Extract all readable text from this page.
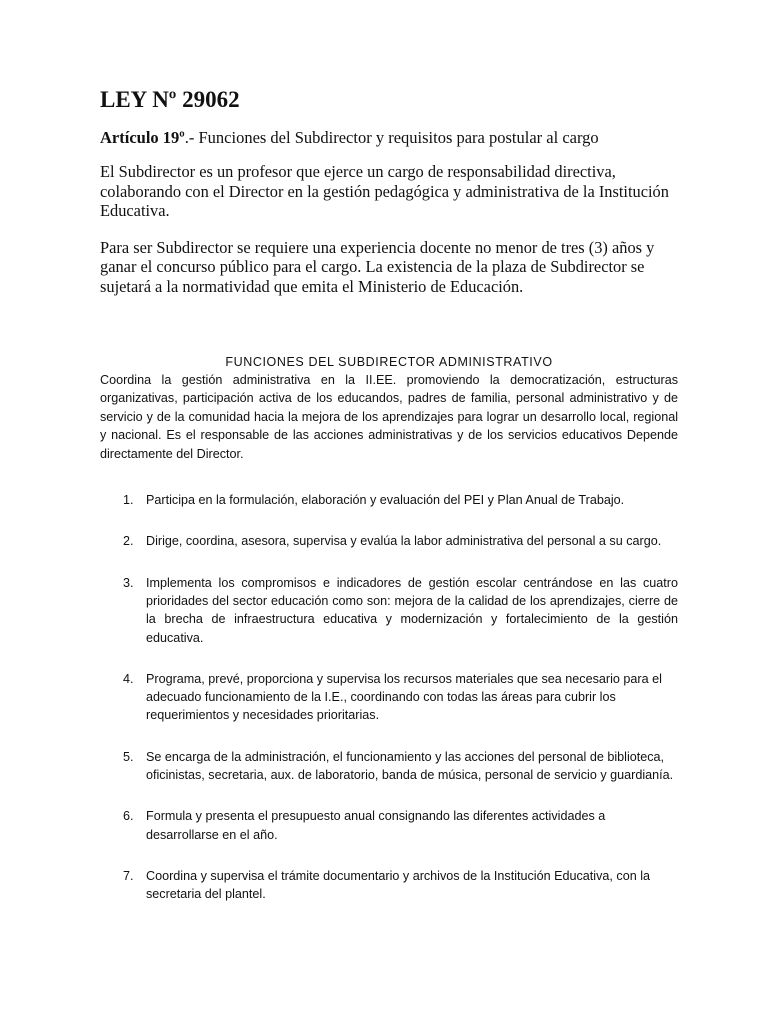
LEY Nº 29062

Artículo 19º.- Funciones del Subdirector y requisitos para postular al cargo

El Subdirector es un profesor que ejerce un cargo de responsabilidad directiva, colaborando con el Director en la gestión pedagógica y administrativa de la Institución Educativa.

Para ser Subdirector se requiere una experiencia docente no menor de tres (3) años y ganar el concurso público para el cargo. La existencia de la plaza de Subdirector se sujetará a la normatividad que emita el Ministerio de Educación.

FUNCIONES DEL SUBDIRECTOR ADMINISTRATIVO

Coordina la gestión administrativa en la II.EE. promoviendo la democratización, estructuras organizativas, participación activa de los educandos, padres de familia, personal administrativo y de servicio y de la comunidad hacia la mejora de los aprendizajes para lograr un desarrollo local, regional y nacional. Es el responsable de las acciones administrativas y de los servicios educativos Depende directamente del Director.

1. Participa en la formulación, elaboración y evaluación del PEI y Plan Anual de Trabajo.
2. Dirige, coordina, asesora, supervisa y evalúa la labor administrativa del personal a su cargo.
3. Implementa los compromisos e indicadores de gestión escolar centrándose en las cuatro prioridades del sector educación como son: mejora de la calidad de los aprendizajes, cierre de la brecha de infraestructura educativa y modernización y fortalecimiento de la gestión educativa.
4. Programa, prevé, proporciona y supervisa los recursos materiales que sea necesario para el adecuado funcionamiento de la I.E., coordinando con todas las áreas para cubrir los requerimientos y necesidades prioritarias.
5. Se encarga de la administración, el funcionamiento y las acciones del personal de biblioteca, oficinistas, secretaria, aux. de laboratorio, banda de música, personal de servicio y guardianía.
6. Formula y presenta el presupuesto anual consignando las diferentes actividades a desarrollarse en el año.
7. Coordina y supervisa el trámite documentario y archivos de la Institución Educativa, con la secretaria del plantel.
